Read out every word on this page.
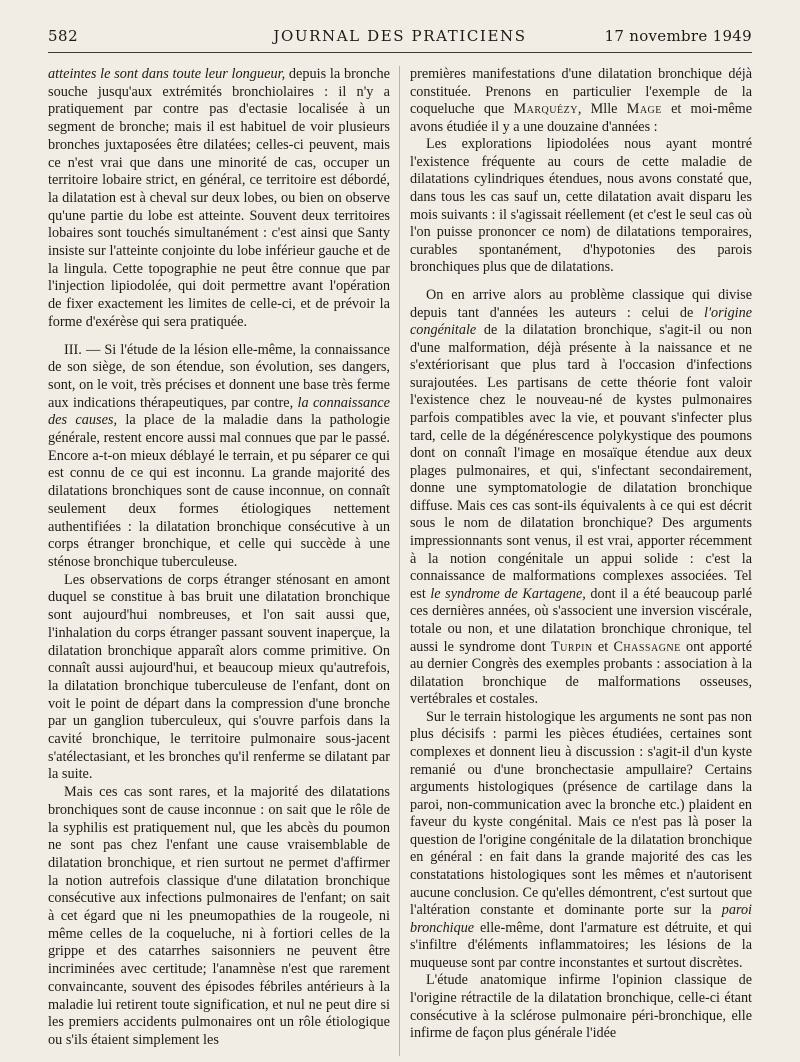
582	JOURNAL DES PRATICIENS	17 novembre 1949

atteintes le sont dans toute leur longueur, depuis la bronche souche jusqu'aux extrémités bronchiolaires : il n'y a pratiquement par contre pas d'ectasie localisée à un segment de bronche; mais il est habituel de voir plusieurs bronches juxtaposées être dilatées; celles-ci peuvent, mais ce n'est vrai que dans une minorité de cas, occuper un territoire lobaire strict, en général, ce territoire est débordé, la dilatation est à cheval sur deux lobes, ou bien on observe qu'une partie du lobe est atteinte. Souvent deux territoires lobaires sont touchés simultanément : c'est ainsi que Santy insiste sur l'atteinte conjointe du lobe inférieur gauche et de la lingula. Cette topographie ne peut être connue que par l'injection lipiodolée, qui doit permettre avant l'opération de fixer exactement les limites de celle-ci, et de prévoir la forme d'exérèse qui sera pratiquée.

III. — Si l'étude de la lésion elle-même, la connaissance de son siège, de son étendue, son évolution, ses dangers, sont, on le voit, très précises et donnent une base très ferme aux indications thérapeutiques, par contre, la connaissance des causes, la place de la maladie dans la pathologie générale, restent encore aussi mal connues que par le passé. Encore a-t-on mieux déblayé le terrain, et pu séparer ce qui est connu de ce qui est inconnu. La grande majorité des dilatations bronchiques sont de cause inconnue, on connaît seulement deux formes étiologiques nettement authentifiées : la dilatation bronchique consécutive à un corps étranger bronchique, et celle qui succède à une sténose bronchique tuberculeuse.

Les observations de corps étranger sténosant en amont duquel se constitue à bas bruit une dilatation bronchique sont aujourd'hui nombreuses, et l'on sait aussi que, l'inhalation du corps étranger passant souvent inaperçue, la dilatation bronchique apparaît alors comme primitive. On connaît aussi aujourd'hui, et beaucoup mieux qu'autrefois, la dilatation bronchique tuberculeuse de l'enfant, dont on voit le point de départ dans la compression d'une bronche par un ganglion tuberculeux, qui s'ouvre parfois dans la cavité bronchique, le territoire pulmonaire sous-jacent s'atélectasiant, et les bronches qu'il renferme se dilatant par la suite.

Mais ces cas sont rares, et la majorité des dilatations bronchiques sont de cause inconnue : on sait que le rôle de la syphilis est pratiquement nul, que les abcès du poumon ne sont pas chez l'enfant une cause vraisemblable de dilatation bronchique, et rien surtout ne permet d'affirmer la notion autrefois classique d'une dilatation bronchique consécutive aux infections pulmonaires de l'enfant; on sait à cet égard que ni les pneumopathies de la rougeole, ni même celles de la coqueluche, ni à fortiori celles de la grippe et des catarrhes saisonniers ne peuvent être incriminées avec certitude; l'anamnèse n'est que rarement convaincante, souvent des épisodes fébriles antérieurs à la maladie lui retirent toute signification, et nul ne peut dire si les premiers accidents pulmonaires ont un rôle étiologique ou s'ils étaient simplement les

premières manifestations d'une dilatation bronchique déjà constituée. Prenons en particulier l'exemple de la coqueluche que Marquézy, Mlle Mage et moi-même avons étudiée il y a une douzaine d'années :

Les explorations lipiodolées nous ayant montré l'existence fréquente au cours de cette maladie de dilatations cylindriques étendues, nous avons constaté que, dans tous les cas sauf un, cette dilatation avait disparu les mois suivants : il s'agissait réellement (et c'est le seul cas où l'on puisse prononcer ce nom) de dilatations temporaires, curables spontanément, d'hypotonies des parois bronchiques plus que de dilatations.

On en arrive alors au problème classique qui divise depuis tant d'années les auteurs : celui de l'origine congénitale de la dilatation bronchique, s'agit-il ou non d'une malformation, déjà présente à la naissance et ne s'extériorisant que plus tard à l'occasion d'infections surajoutées. Les partisans de cette théorie font valoir l'existence chez le nouveau-né de kystes pulmonaires parfois compatibles avec la vie, et pouvant s'infecter plus tard, celle de la dégénérescence polykystique des poumons dont on connaît l'image en mosaïque étendue aux deux plages pulmonaires, et qui, s'infectant secondairement, donne une symptomatologie de dilatation bronchique diffuse. Mais ces cas sont-ils équivalents à ce qui est décrit sous le nom de dilatation bronchique? Des arguments impressionnants sont venus, il est vrai, apporter récemment à la notion congénitale un appui solide : c'est la connaissance de malformations complexes associées. Tel est le syndrome de Kartagene, dont il a été beaucoup parlé ces dernières années, où s'associent une inversion viscérale, totale ou non, et une dilatation bronchique chronique, tel aussi le syndrome dont Turpin et Chassagne ont apporté au dernier Congrès des exemples probants : association à la dilatation bronchique de malformations osseuses, vertébrales et costales.

Sur le terrain histologique les arguments ne sont pas non plus décisifs : parmi les pièces étudiées, certaines sont complexes et donnent lieu à discussion : s'agit-il d'un kyste remanié ou d'une bronchectasie ampullaire? Certains arguments histologiques (présence de cartilage dans la paroi, non-communication avec la bronche etc.) plaident en faveur du kyste congénital. Mais ce n'est pas là poser la question de l'origine congénitale de la dilatation bronchique en général : en fait dans la grande majorité des cas les constatations histologiques sont les mêmes et n'autorisent aucune conclusion. Ce qu'elles démontrent, c'est surtout que l'altération constante et dominante porte sur la paroi bronchique elle-même, dont l'armature est détruite, et qui s'infiltre d'éléments inflammatoires; les lésions de la muqueuse sont par contre inconstantes et surtout discrètes.

L'étude anatomique infirme l'opinion classique de l'origine rétractile de la dilatation bronchique, celle-ci étant consécutive à la sclérose pulmonaire péri-bronchique, elle infirme de façon plus générale l'idée
